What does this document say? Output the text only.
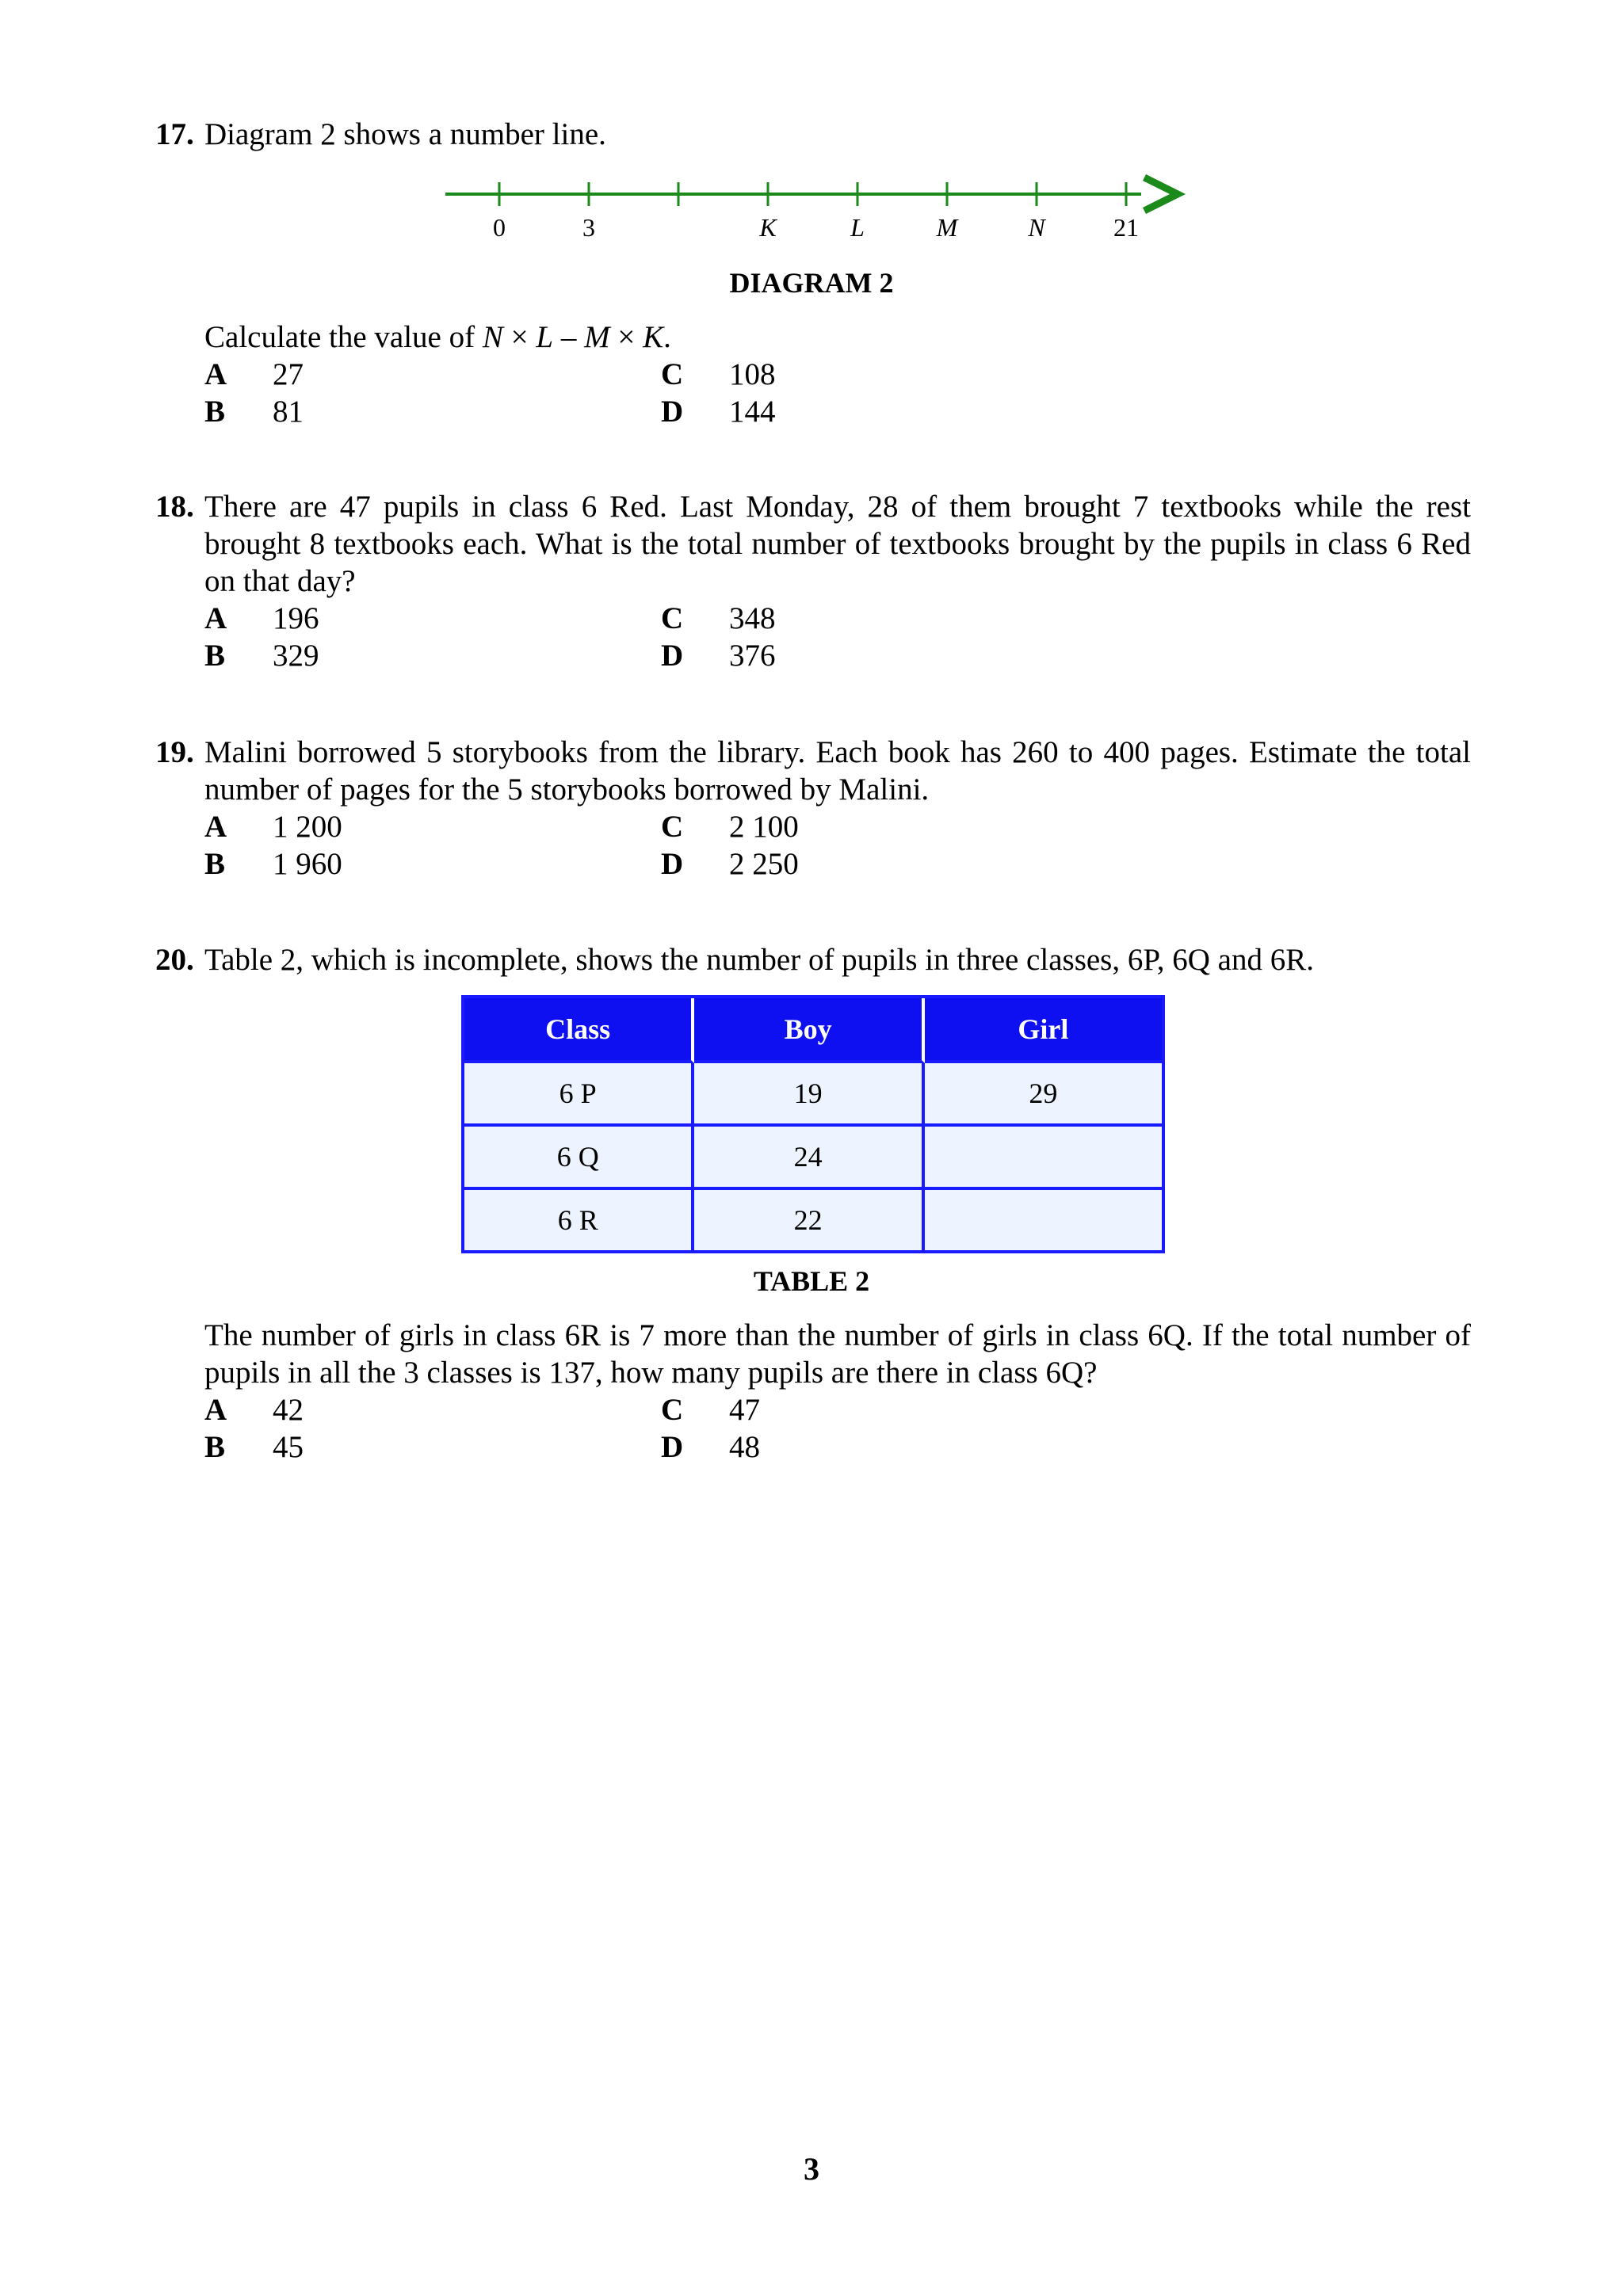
17. Diagram 2 shows a number line.
0	3	K	L	M	N	21
DIAGRAM 2
Calculate the value of N × L – M × K.
A	27	C	108
B	81	D	144
18. There are 47 pupils in class 6 Red. Last Monday, 28 of them brought 7 textbooks while the rest brought 8 textbooks each. What is the total number of textbooks brought by the pupils in class 6 Red on that day?
A	196	C	348
B	329	D	376
19. Malini borrowed 5 storybooks from the library. Each book has 260 to 400 pages. Estimate the total number of pages for the 5 storybooks borrowed by Malini.
A	1 200	C	2 100
B	1 960	D	2 250
20. Table 2, which is incomplete, shows the number of pupils in three classes, 6P, 6Q and 6R.
Class	Boy	Girl
6 P	19	29
6 Q	24	
6 R	22	
TABLE 2
The number of girls in class 6R is 7 more than the number of girls in class 6Q. If the total number of pupils in all the 3 classes is 137, how many pupils are there in class 6Q?
A	42	C	47
B	45	D	48
3
